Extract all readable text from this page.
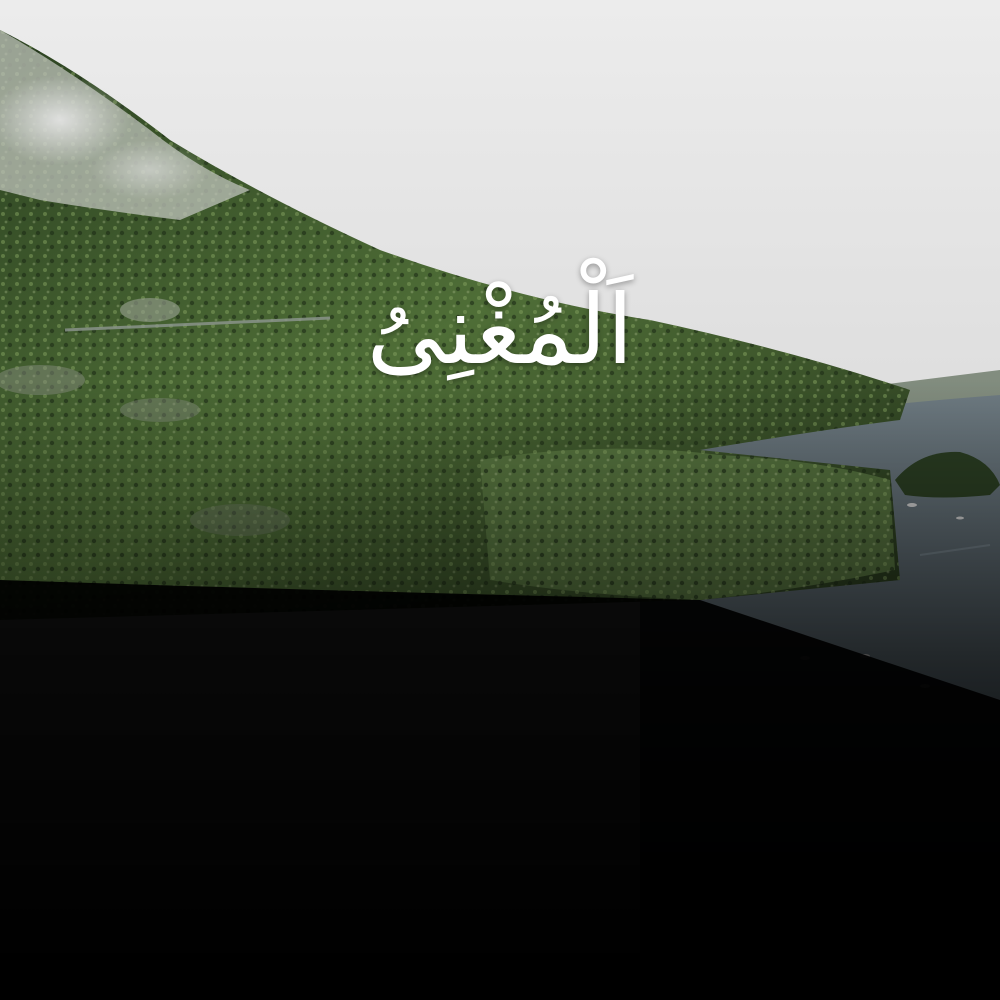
اَلْمُغْنِىُ
